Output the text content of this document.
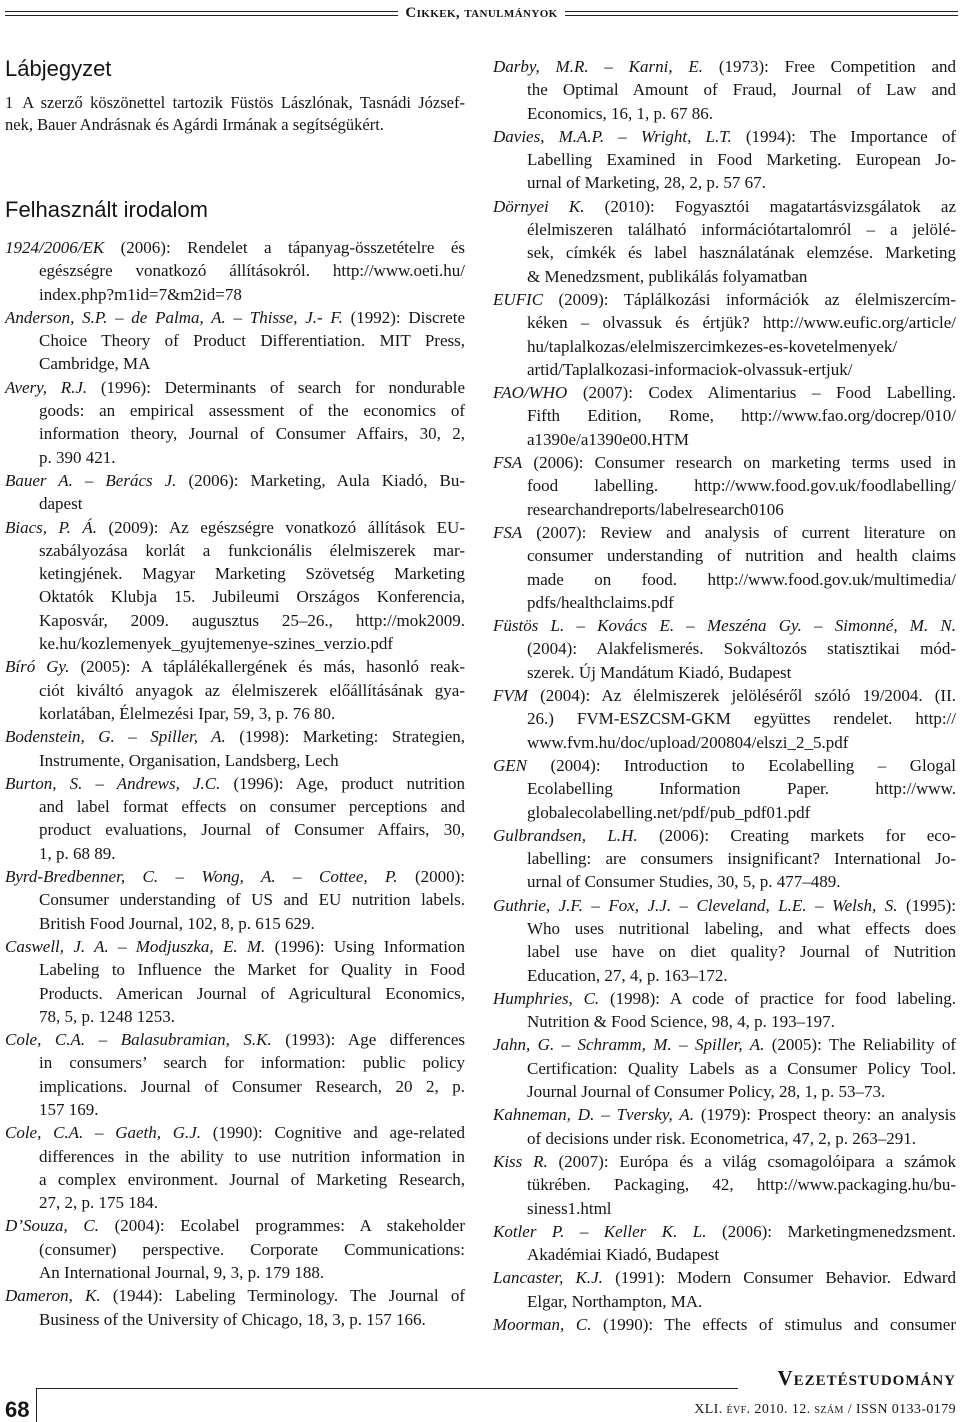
Cikkek, tanulmányok
Lábjegyzet
1 A szerző köszönettel tartozik Füstös Lászlónak, Tasnádi József-
nek, Bauer Andrásnak és Agárdi Irmának a segítségükért.
Felhasznált irodalom
1924/2006/EK (2006): Rendelet a tápanyag-összetételre és
egészségre vonatkozó állításokról. http://www.oeti.hu/
index.php?m1id=7&m2id=78
Anderson, S.P. – de Palma, A. – Thisse, J.- F. (1992): Discrete
Choice Theory of Product Differentiation. MIT Press,
Cambridge, MA
Avery, R.J. (1996): Determinants of search for nondurable
goods: an empirical assessment of the economics of
information theory, Journal of Consumer Affairs, 30, 2,
p. 390 421.
Bauer A. – Berács J. (2006): Marketing, Aula Kiadó, Bu-
dapest
Biacs, P. Á. (2009): Az egészségre vonatkozó állítások EU-
szabályozása korlát a funkcionális élelmiszerek mar-
ketingjének. Magyar Marketing Szövetség Marketing
Oktatók Klubja 15. Jubileumi Országos Konferencia,
Kaposvár, 2009. augusztus 25–26., http://mok2009.
ke.hu/kozlemenyek_gyujtemenye-szines_verzio.pdf
Bíró Gy. (2005): A táplálékallergének és más, hasonló reak-
ciót kiváltó anyagok az élelmiszerek előállításának gya-
korlatában, Élelmezési Ipar, 59, 3, p. 76 80.
Bodenstein, G. – Spiller, A. (1998): Marketing: Strategien,
Instrumente, Organisation, Landsberg, Lech
Burton, S. – Andrews, J.C. (1996): Age, product nutrition
and label format effects on consumer perceptions and
product evaluations, Journal of Consumer Affairs, 30,
1, p. 68 89.
Byrd-Bredbenner, C. – Wong, A. – Cottee, P. (2000):
Consumer understanding of US and EU nutrition labels.
British Food Journal, 102, 8, p. 615 629.
Caswell, J. A. – Modjuszka, E. M. (1996): Using Information
Labeling to Influence the Market for Quality in Food
Products. American Journal of Agricultural Economics,
78, 5, p. 1248 1253.
Cole, C.A. – Balasubramian, S.K. (1993): Age differences
in consumers’ search for information: public policy
implications. Journal of Consumer Research, 20 2, p.
157 169.
Cole, C.A. – Gaeth, G.J. (1990): Cognitive and age-related
differences in the ability to use nutrition information in
a complex environment. Journal of Marketing Research,
27, 2, p. 175 184.
D’Souza, C. (2004): Ecolabel programmes: A stakeholder
(consumer) perspective. Corporate Communications:
An International Journal, 9, 3, p. 179 188.
Dameron, K. (1944): Labeling Terminology. The Journal of
Business of the University of Chicago, 18, 3, p. 157 166.
Darby, M.R. – Karni, E. (1973): Free Competition and
the Optimal Amount of Fraud, Journal of Law and
Economics, 16, 1, p. 67 86.
Davies, M.A.P. – Wright, L.T. (1994): The Importance of
Labelling Examined in Food Marketing. European Jo-
urnal of Marketing, 28, 2, p. 57 67.
Dörnyei K. (2010): Fogyasztói magatartásvizsgálatok az
élelmiszeren található információtartalomról – a jelölé-
sek, címkék és label használatának elemzése. Marketing
& Menedzsment, publikálás folyamatban
EUFIC (2009): Táplálkozási információk az élelmiszercím-
kéken – olvassuk és értjük? http://www.eufic.org/article/
hu/taplalkozas/elelmiszercimkezes-es-kovetelmenyek/
artid/Taplalkozasi-informaciok-olvassuk-ertjuk/
FAO/WHO (2007): Codex Alimentarius – Food Labelling.
Fifth Edition, Rome, http://www.fao.org/docrep/010/
a1390e/a1390e00.HTM
FSA (2006): Consumer research on marketing terms used in
food labelling. http://www.food.gov.uk/foodlabelling/
researchandreports/labelresearch0106
FSA (2007): Review and analysis of current literature on
consumer understanding of nutrition and health claims
made on food. http://www.food.gov.uk/multimedia/
pdfs/healthclaims.pdf
Füstös L. – Kovács E. – Meszéna Gy. – Simonné, M. N.
(2004): Alakfelismerés. Sokváltozós statisztikai mód-
szerek. Új Mandátum Kiadó, Budapest
FVM (2004): Az élelmiszerek jelöléséről szóló 19/2004. (II.
26.) FVM-ESZCSM-GKM együttes rendelet. http://
www.fvm.hu/doc/upload/200804/elszi_2_5.pdf
GEN (2004): Introduction to Ecolabelling – Glogal
Ecolabelling Information Paper. http://www.
globalecolabelling.net/pdf/pub_pdf01.pdf
Gulbrandsen, L.H. (2006): Creating markets for eco-
labelling: are consumers insignificant? International Jo-
urnal of Consumer Studies, 30, 5, p. 477–489.
Guthrie, J.F. – Fox, J.J. – Cleveland, L.E. – Welsh, S. (1995):
Who uses nutritional labeling, and what effects does
label use have on diet quality? Journal of Nutrition
Education, 27, 4, p. 163–172.
Humphries, C. (1998): A code of practice for food labeling.
Nutrition & Food Science, 98, 4, p. 193–197.
Jahn, G. – Schramm, M. – Spiller, A. (2005): The Reliability of
Certification: Quality Labels as a Consumer Policy Tool.
Journal Journal of Consumer Policy, 28, 1, p. 53–73.
Kahneman, D. – Tversky, A. (1979): Prospect theory: an analysis
of decisions under risk. Econometrica, 47, 2, p. 263–291.
Kiss R. (2007): Európa és a világ csomagolóipara a számok
tükrében. Packaging, 42, http://www.packaging.hu/bu-
siness1.html
Kotler P. – Keller K. L. (2006): Marketingmenedzsment.
Akadémiai Kiadó, Budapest
Lancaster, K.J. (1991): Modern Consumer Behavior. Edward
Elgar, Northampton, MA.
Moorman, C. (1990): The effects of stimulus and consumer
Vezetéstudomány
68	XLI. évf. 2010. 12. szám / ISSN 0133-0179
